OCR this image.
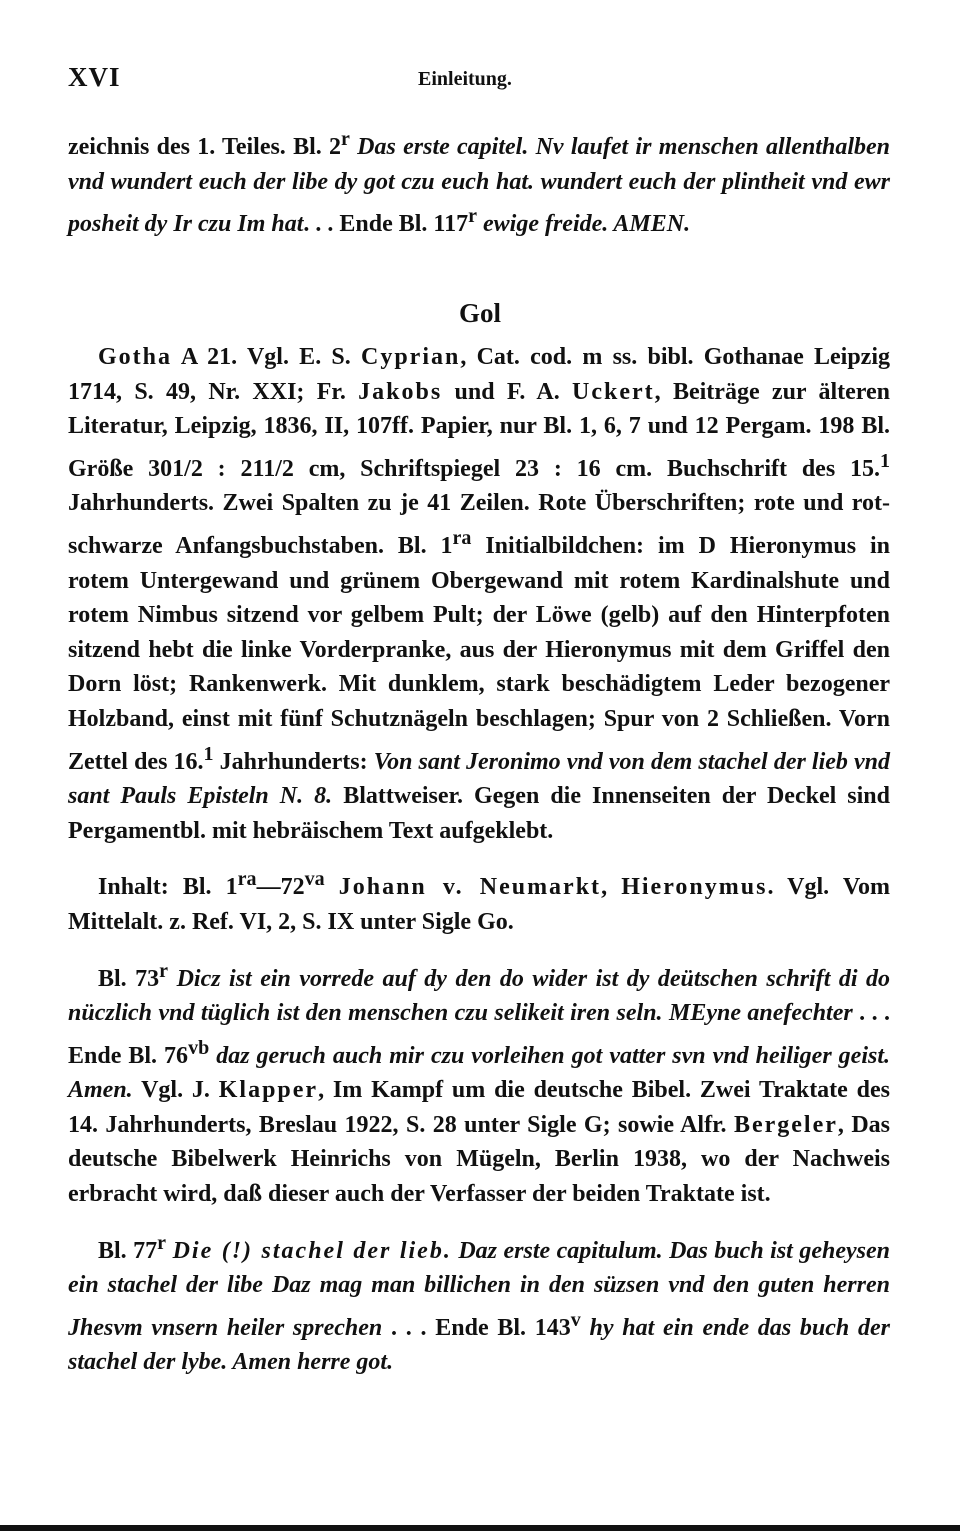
XVI	Einleitung.

zeichnis des 1. Teiles. Bl. 2$^r$ Das erste capitel. Nv laufet ir menschen allenthalben vnd wundert euch der libe dy got czu euch hat. wundert euch der plintheit vnd ewr posheit dy Ir czu Im hat. . . Ende Bl. 117$^r$ ewige freide. AMEN.

Gol

Gotha A 21. Vgl. E. S. Cyprian, Cat. cod. m ss. bibl. Gothanae Leipzig 1714, S. 49, Nr. XXI; Fr. Jakobs und F. A. Uckert, Beiträge zur älteren Literatur, Leipzig, 1836, II, 107ff. Papier, nur Bl. 1, 6, 7 und 12 Pergam. 198 Bl. Größe 301/2 : 211/2 cm, Schriftspiegel 23 : 16 cm. Buchschrift des 15.$^1$ Jahrhunderts. Zwei Spalten zu je 41 Zeilen. Rote Überschriften; rote und rot-schwarze Anfangsbuchstaben. Bl. $1^{ra}$ Initialbildchen: im D Hieronymus in rotem Untergewand und grünem Obergewand mit rotem Kardinalshute und rotem Nimbus sitzend vor gelbem Pult; der Löwe (gelb) auf den Hinterpfoten sitzend hebt die linke Vorderpranke, aus der Hieronymus mit dem Griffel den Dorn löst; Rankenwerk. Mit dunklem, stark beschädigtem Leder bezogener Holzband, einst mit fünf Schutznägeln beschlagen; Spur von 2 Schließen. Vorn Zettel des 16.$^1$ Jahrhunderts: Von sant Jeronimo vnd von dem stachel der lieb vnd sant Pauls Episteln N. 8. Blattweiser. Gegen die Innenseiten der Deckel sind Pergamentbl. mit hebräischem Text aufgeklebt.

Inhalt: Bl. $1^{ra}—72^{va}$ Johann v. Neumarkt, Hieronymus. Vgl. Vom Mittelalt. z. Ref. VI, 2, S. IX unter Sigle Go.

Bl. 73$^r$ Dicz ist ein vorrede auf dy den do wider ist dy deütschen schrift di do nüczlich vnd tüglich ist den menschen czu selikeit iren seln. MEyne anefechter . . . Ende Bl. $76^{vb}$ daz geruch auch mir czu vorleihen got vatter svn vnd heiliger geist. Amen. Vgl. J. Klapper, Im Kampf um die deutsche Bibel. Zwei Traktate des 14. Jahrhunderts, Breslau 1922, S. 28 unter Sigle G; sowie Alfr. Bergeler, Das deutsche Bibelwerk Heinrichs von Mügeln, Berlin 1938, wo der Nachweis erbracht wird, daß dieser auch der Verfasser der beiden Traktate ist.

Bl. 77$^r$ Die (!) stachel der lieb. Daz erste capitulum. Das buch ist geheysen ein stachel der libe Daz mag man billichen in den süzsen vnd den guten herren Jhesvm vnsern heiler sprechen . . . Ende Bl. 143$^v$ hy hat ein ende das buch der stachel der lybe. Amen herre got.
